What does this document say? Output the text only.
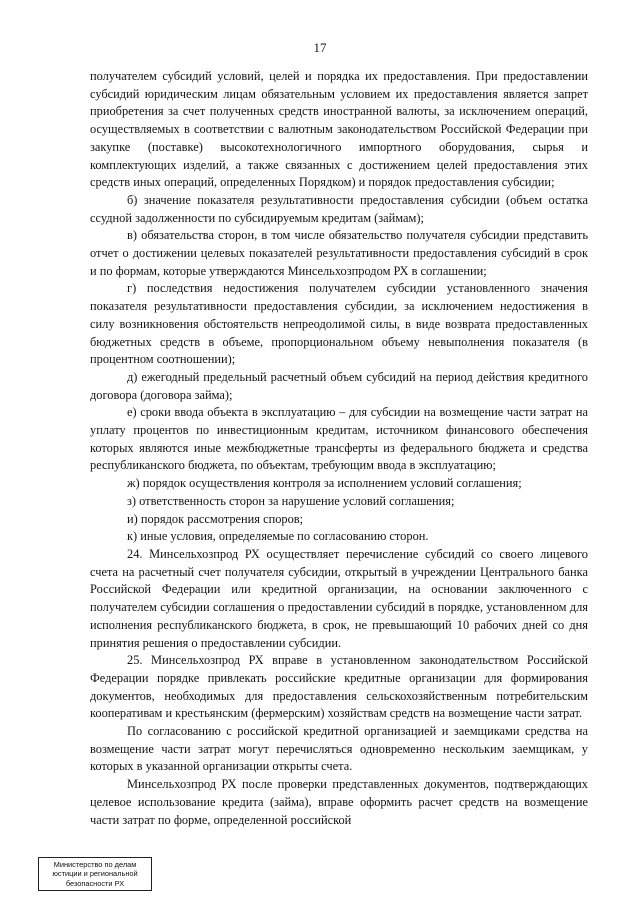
17

получателем субсидий условий, целей и порядка их предоставления. При предоставлении субсидий юридическим лицам обязательным условием их предоставления является запрет приобретения за счет полученных средств иностранной валюты, за исключением операций, осуществляемых в соответствии с валютным законодательством Российской Федерации при закупке (поставке) высокотехнологичного импортного оборудования, сырья и комплектующих изделий, а также связанных с достижением целей предоставления этих средств иных операций, определенных Порядком) и порядок предоставления субсидии;

б) значение показателя результативности предоставления субсидии (объем остатка ссудной задолженности по субсидируемым кредитам (займам);

в) обязательства сторон, в том числе обязательство получателя субсидии представить отчет о достижении целевых показателей результативности предоставления субсидий в срок и по формам, которые утверждаются Минсельхозпродом РХ в соглашении;

г) последствия недостижения получателем субсидии установленного значения показателя результативности предоставления субсидии, за исключением недостижения в силу возникновения обстоятельств непреодолимой силы, в виде возврата предоставленных бюджетных средств в объеме, пропорциональном объему невыполнения показателя (в процентном соотношении);

д) ежегодный предельный расчетный объем субсидий на период действия кредитного договора (договора займа);

е) сроки ввода объекта в эксплуатацию – для субсидии на возмещение части затрат на уплату процентов по инвестиционным кредитам, источником финансового обеспечения которых являются иные межбюджетные трансферты из федерального бюджета и средства республиканского бюджета, по объектам, требующим ввода в эксплуатацию;

ж) порядок осуществления контроля за исполнением условий соглашения;

з) ответственность сторон за нарушение условий соглашения;

и) порядок рассмотрения споров;

к) иные условия, определяемые по согласованию сторон.

24. Минсельхозпрод РХ осуществляет перечисление субсидий со своего лицевого счета на расчетный счет получателя субсидии, открытый в учреждении Центрального банка Российской Федерации или кредитной организации, на основании заключенного с получателем субсидии соглашения о предоставлении субсидий в порядке, установленном для исполнения республиканского бюджета, в срок, не превышающий 10 рабочих дней со дня принятия решения о предоставлении субсидии.

25. Минсельхозпрод РХ вправе в установленном законодательством Российской Федерации порядке привлекать российские кредитные организации для формирования документов, необходимых для предоставления сельскохозяйственным потребительским кооперативам и крестьянским (фермерским) хозяйствам средств на возмещение части затрат.

По согласованию с российской кредитной организацией и заемщиками средства на возмещение части затрат могут перечисляться одновременно нескольким заемщикам, у которых в указанной организации открыты счета.

Минсельхозпрод РХ после проверки представленных документов, подтверждающих целевое использование кредита (займа), вправе оформить расчет средств на возмещение части затрат по форме, определенной российской

Министерство по делам
юстиции и региональной
безопасности РХ
